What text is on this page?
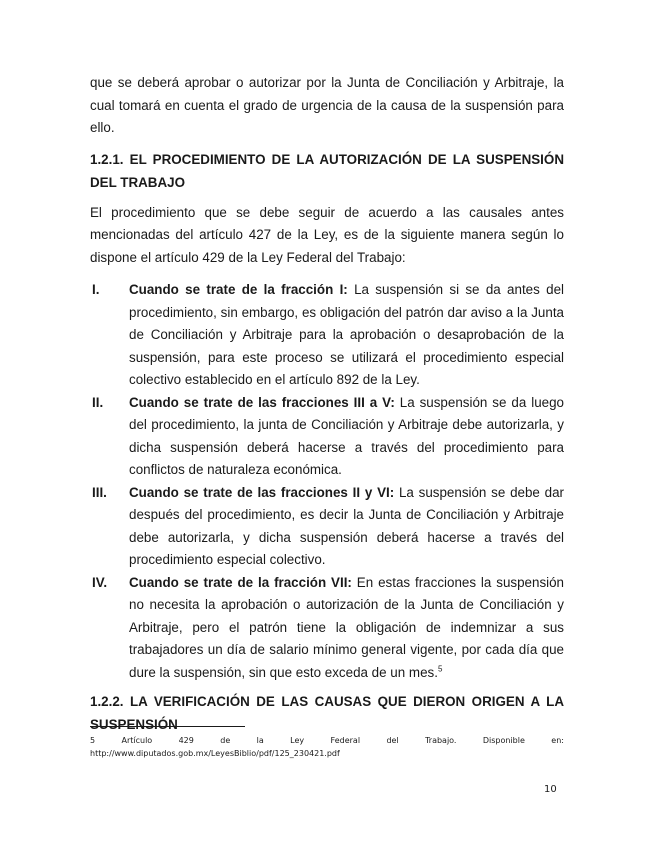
que se deberá aprobar o autorizar por la Junta de Conciliación y Arbitraje, la cual tomará en cuenta el grado de urgencia de la causa de la suspensión para ello.

1.2.1. EL PROCEDIMIENTO DE LA AUTORIZACIÓN DE LA SUSPENSIÓN DEL TRABAJO

El procedimiento que se debe seguir de acuerdo a las causales antes mencionadas del artículo 427 de la Ley, es de la siguiente manera según lo dispone el artículo 429 de la Ley Federal del Trabajo:

I.	Cuando se trate de la fracción I: La suspensión si se da antes del procedimiento, sin embargo, es obligación del patrón dar aviso a la Junta de Conciliación y Arbitraje para la aprobación o desaprobación de la suspensión, para este proceso se utilizará el procedimiento especial colectivo establecido en el artículo 892 de la Ley.
II.	Cuando se trate de las fracciones III a V: La suspensión se da luego del procedimiento, la junta de Conciliación y Arbitraje debe autorizarla, y dicha suspensión deberá hacerse a través del procedimiento para conflictos de naturaleza económica.
III.	Cuando se trate de las fracciones II y VI: La suspensión se debe dar después del procedimiento, es decir la Junta de Conciliación y Arbitraje debe autorizarla, y dicha suspensión deberá hacerse a través del procedimiento especial colectivo.
IV.	Cuando se trate de la fracción VII: En estas fracciones la suspensión no necesita la aprobación o autorización de la Junta de Conciliación y Arbitraje, pero el patrón tiene la obligación de indemnizar a sus trabajadores un día de salario mínimo general vigente, por cada día que dure la suspensión, sin que esto exceda de un mes.$^5$

1.2.2. LA VERIFICACIÓN DE LAS CAUSAS QUE DIERON ORIGEN A LA SUSPENSIÓN

5	Artículo	429	de	la	Ley	Federal	del	Trabajo.	Disponible	en:
http://www.diputados.gob.mx/LeyesBiblio/pdf/125_230421.pdf
10
